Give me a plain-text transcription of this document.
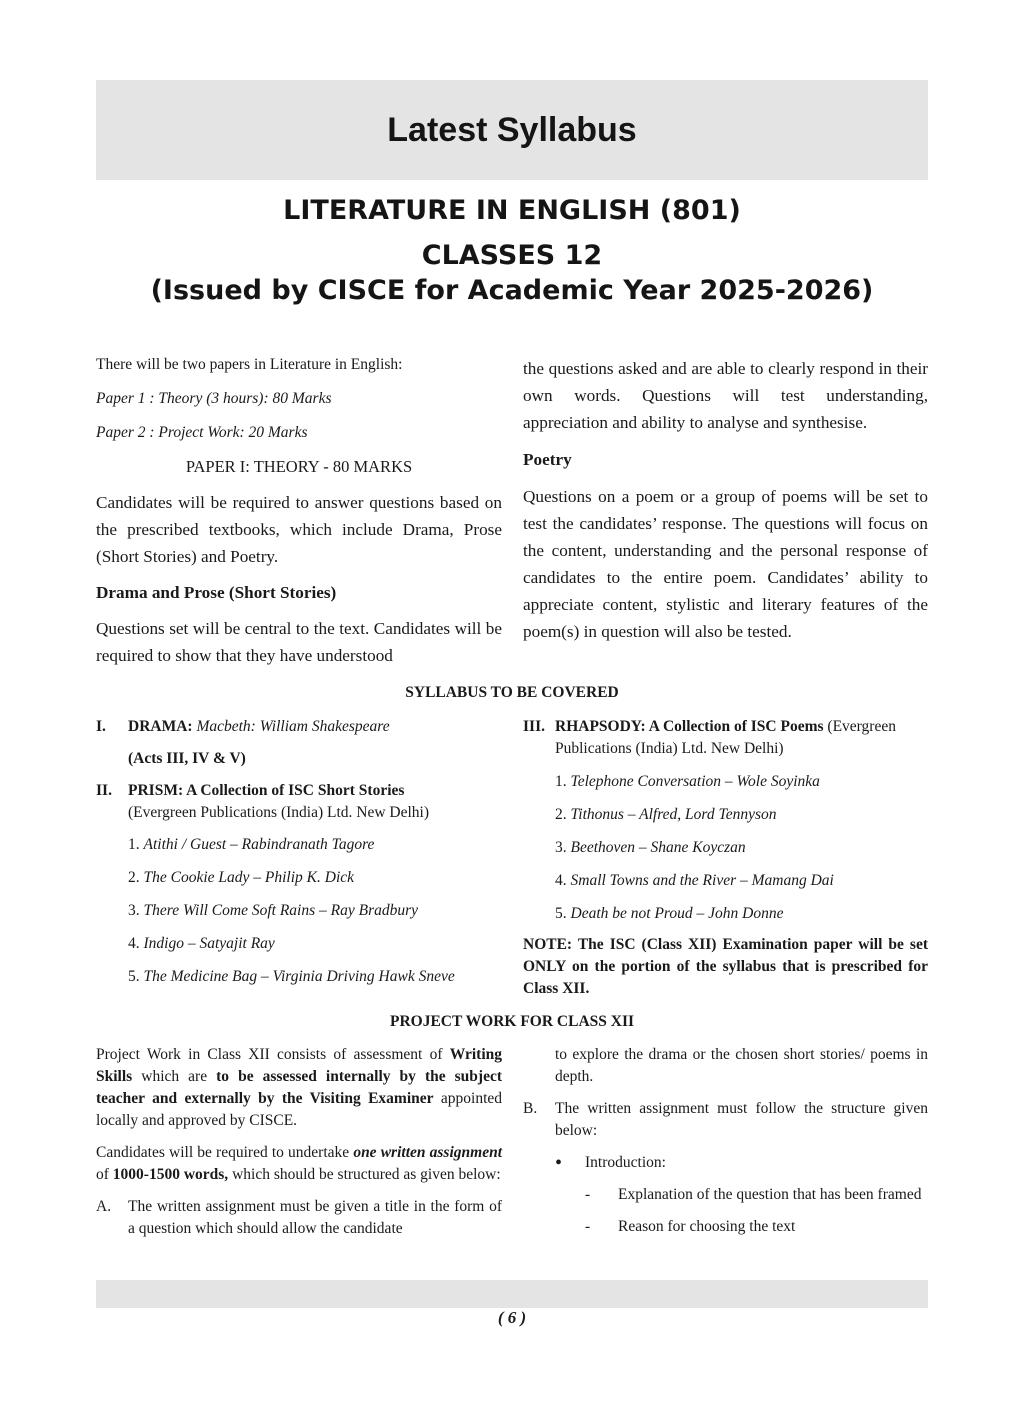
Latest Syllabus
LITERATURE IN ENGLISH (801)
CLASSES 12
(Issued by CISCE for Academic Year 2025-2026)

There will be two papers in Literature in English:

Paper 1 : Theory (3 hours): 80 Marks

Paper 2 : Project Work: 20 Marks

PAPER I: THEORY - 80 MARKS

Candidates will be required to answer questions based on the prescribed textbooks, which include Drama, Prose (Short Stories) and Poetry.

Drama and Prose (Short Stories)

Questions set will be central to the text. Candidates will be required to show that they have understood

the questions asked and are able to clearly respond in their own words. Questions will test understanding, appreciation and ability to analyse and synthesise.

Poetry

Questions on a poem or a group of poems will be set to test the candidates’ response. The questions will focus on the content, understanding and the personal response of candidates to the entire poem. Candidates’ ability to appreciate content, stylistic and literary features of the poem(s) in question will also be tested.

SYLLABUS TO BE COVERED
I.	DRAMA: Macbeth: William Shakespeare
(Acts III, IV & V)
II.	PRISM: A Collection of ISC Short Stories
(Evergreen Publications (India) Ltd. New Delhi)
1. Atithi / Guest – Rabindranath Tagore
2. The Cookie Lady – Philip K. Dick
3. There Will Come Soft Rains – Ray Bradbury
4. Indigo – Satyajit Ray
5. The Medicine Bag – Virginia Driving Hawk Sneve
III. RHAPSODY: A Collection of ISC Poems (Evergreen
Publications (India) Ltd. New Delhi)
1. Telephone Conversation – Wole Soyinka
2. Tithonus – Alfred, Lord Tennyson
3. Beethoven – Shane Koyczan
4. Small Towns and the River – Mamang Dai
5. Death be not Proud – John Donne

NOTE: The ISC (Class XII) Examination paper will be set ONLY on the portion of the syllabus that is prescribed for Class XII.

PROJECT WORK FOR CLASS XII

Project Work in Class XII consists of assessment of Writing Skills which are to be assessed internally by the subject teacher and externally by the Visiting Examiner appointed locally and approved by CISCE.

Candidates will be required to undertake one written assignment of 1000-1500 words, which should be structured as given below:

A.	The written assignment must be given a title in the form of a question which should allow the candidate

to explore the drama or the chosen short stories/ poems in depth.

B.	The written assignment must follow the structure given below:
•	Introduction:
-	Explanation of the question that has been framed
-	Reason for choosing the text
( 6 )
